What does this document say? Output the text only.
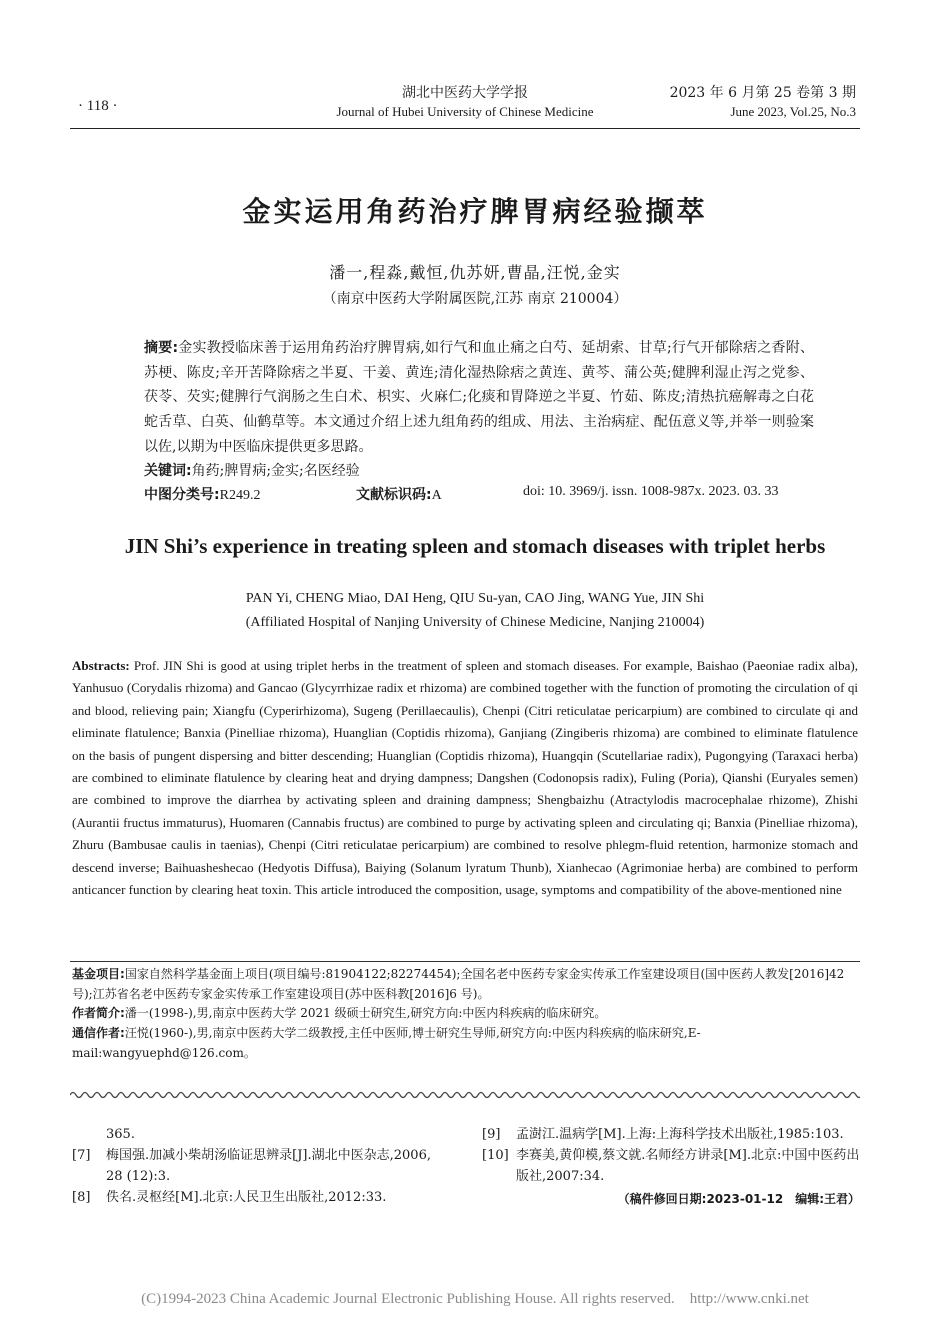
· 118 ·
湖北中医药大学学报
Journal of Hubei University of Chinese Medicine
2023 年 6 月第 25 卷第 3 期
June 2023, Vol.25, No.3
金实运用角药治疗脾胃病经验撷萃
潘一,程淼,戴恒,仇苏妍,曹晶,汪悦,金实
（南京中医药大学附属医院,江苏 南京 210004）
摘要:金实教授临床善于运用角药治疗脾胃病,如行气和血止痛之白芍、延胡索、甘草;行气开郁除痞之香附、苏梗、陈皮;辛开苦降除痞之半夏、干姜、黄连;清化湿热除痞之黄连、黄芩、蒲公英;健脾利湿止泻之党参、茯苓、芡实;健脾行气润肠之生白术、枳实、火麻仁;化痰和胃降逆之半夏、竹茹、陈皮;清热抗癌解毒之白花蛇舌草、白英、仙鹤草等。本文通过介绍上述九组角药的组成、用法、主治病症、配伍意义等,并举一则验案以佐,以期为中医临床提供更多思路。
关键词:角药;脾胃病;金实;名医经验
中图分类号:R249.2	文献标识码:A	doi: 10. 3969/j. issn. 1008-987x. 2023. 03. 33
JIN Shi’s experience in treating spleen and stomach diseases with triplet herbs
PAN Yi, CHENG Miao, DAI Heng, QIU Su-yan, CAO Jing, WANG Yue, JIN Shi
(Affiliated Hospital of Nanjing University of Chinese Medicine, Nanjing 210004)
Abstracts: Prof. JIN Shi is good at using triplet herbs in the treatment of spleen and stomach diseases. For example, Baishao (Paeoniae radix alba), Yanhusuo (Corydalis rhizoma) and Gancao (Glycyrrhizae radix et rhizoma) are combined together with the function of promoting the circulation of qi and blood, relieving pain; Xiangfu (Cyperirhizoma), Sugeng (Perillaecaulis), Chenpi (Citri reticulatae pericarpium) are combined to circulate qi and eliminate flatulence; Banxia (Pinelliae rhizoma), Huanglian (Coptidis rhizoma), Ganjiang (Zingiberis rhizoma) are combined to eliminate flatulence on the basis of pungent dispersing and bitter descending; Huanglian (Coptidis rhizoma), Huangqin (Scutellariae radix), Pugongying (Taraxaci herba) are combined to eliminate flatulence by clearing heat and drying dampness; Dangshen (Codonopsis radix), Fuling (Poria), Qianshi (Euryales semen) are combined to improve the diarrhea by activating spleen and draining dampness; Shengbaizhu (Atractylodis macrocephalae rhizome), Zhishi (Aurantii fructus immaturus), Huomaren (Cannabis fructus) are combined to purge by activating spleen and circulating qi; Banxia (Pinelliae rhizoma), Zhuru (Bambusae caulis in taenias), Chenpi (Citri reticulatae pericarpium) are combined to resolve phlegm-fluid retention, harmonize stomach and descend inverse; Baihuasheshecao (Hedyotis Diffusa), Baiying (Solanum lyratum Thunb), Xianhecao (Agrimoniae herba) are combined to perform anticancer function by clearing heat toxin. This article introduced the composition, usage, symptoms and compatibility of the above-mentioned nine
基金项目:国家自然科学基金面上项目(项目编号:81904122;82274454);全国名老中医药专家金实传承工作室建设项目(国中医药人教发[2016]42 号);江苏省名老中医药专家金实传承工作室建设项目(苏中医科教[2016]6 号)。
作者简介:潘一(1998-),男,南京中医药大学 2021 级硕士研究生,研究方向:中医内科疾病的临床研究。
通信作者:汪悦(1960-),男,南京中医药大学二级教授,主任中医师,博士研究生导师,研究方向:中医内科疾病的临床研究,E-mail:wangyuephd@126.com。
365.
[7] 梅国强.加减小柴胡汤临证思辨录[J].湖北中医杂志,2006, 28 (12):3.
[8] 佚名.灵枢经[M].北京:人民卫生出版社,2012:33.
[9] 孟澍江.温病学[M].上海:上海科学技术出版社,1985:103.
[10] 李赛美,黄仰模,蔡文就.名师经方讲录[M].北京:中国中医药出版社,2007:34.
（稿件修回日期:2023-01-12　编辑:王君）
(C)1994-2023 China Academic Journal Electronic Publishing House. All rights reserved.　http://www.cnki.net
